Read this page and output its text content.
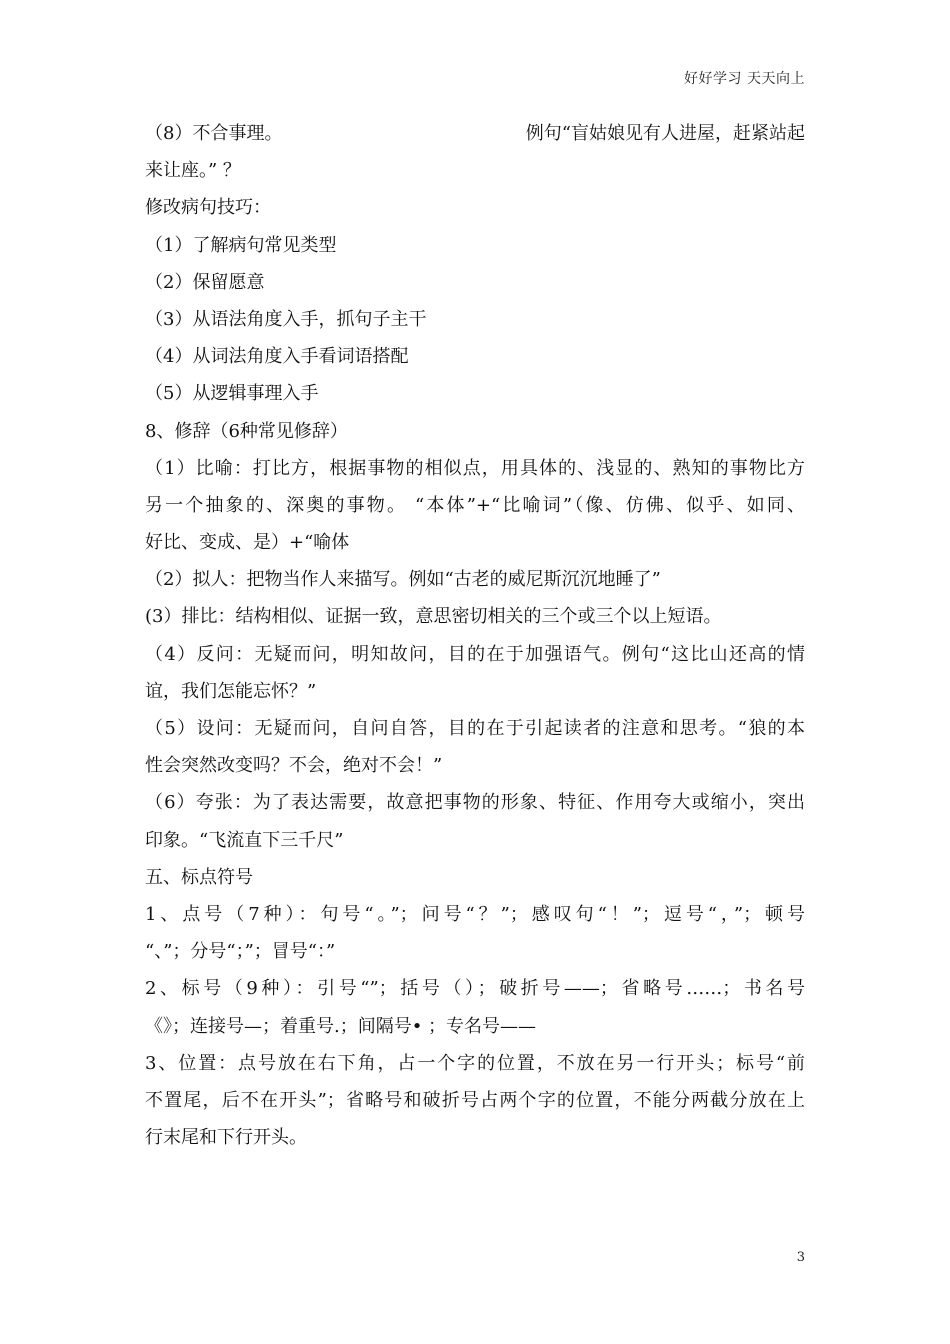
好好学习 天天向上
（8）不合事理。	例句“盲姑娘见有人进屋，赶紧站起
来让座。” ？
修改病句技巧：
（1）了解病句常见类型
（2）保留愿意
（3）从语法角度入手，抓句子主干
（4）从词法角度入手看词语搭配
（5）从逻辑事理入手
8、修辞（6种常见修辞）
（1）比喻：打比方，根据事物的相似点，用具体的、浅显的、熟知的事物比方
另一个抽象的、深奥的事物。 “本体”+“比喻词”（像、仿佛、似乎、如同、
好比、变成、是）+“喻体
（2）拟人：把物当作人来描写。例如“古老的威尼斯沉沉地睡了”
(3）排比：结构相似、证据一致，意思密切相关的三个或三个以上短语。
（4）反问：无疑而问，明知故问，目的在于加强语气。例句“这比山还高的情
谊，我们怎能忘怀？”
（5）设问：无疑而问，自问自答，目的在于引起读者的注意和思考。“狼的本
性会突然改变吗？不会，绝对不会！”
（6）夸张：为了表达需要，故意把事物的形象、特征、作用夸大或缩小，突出
印象。“飞流直下三千尺”
五、标点符号
1、点号（7种）：句号“。”；问号“？”；感叹句“！”；逗号“，”；顿号
“、”；分号“；”；冒号“：”
2、标号（9种）：引号“”；括号（）；破折号——；省略号……；书名号
《》；连接号—；着重号.；间隔号• ；专名号——
3、位置：点号放在右下角，占一个字的位置，不放在另一行开头；标号“前
不置尾，后不在开头”；省略号和破折号占两个字的位置，不能分两截分放在上
行末尾和下行开头。
3
